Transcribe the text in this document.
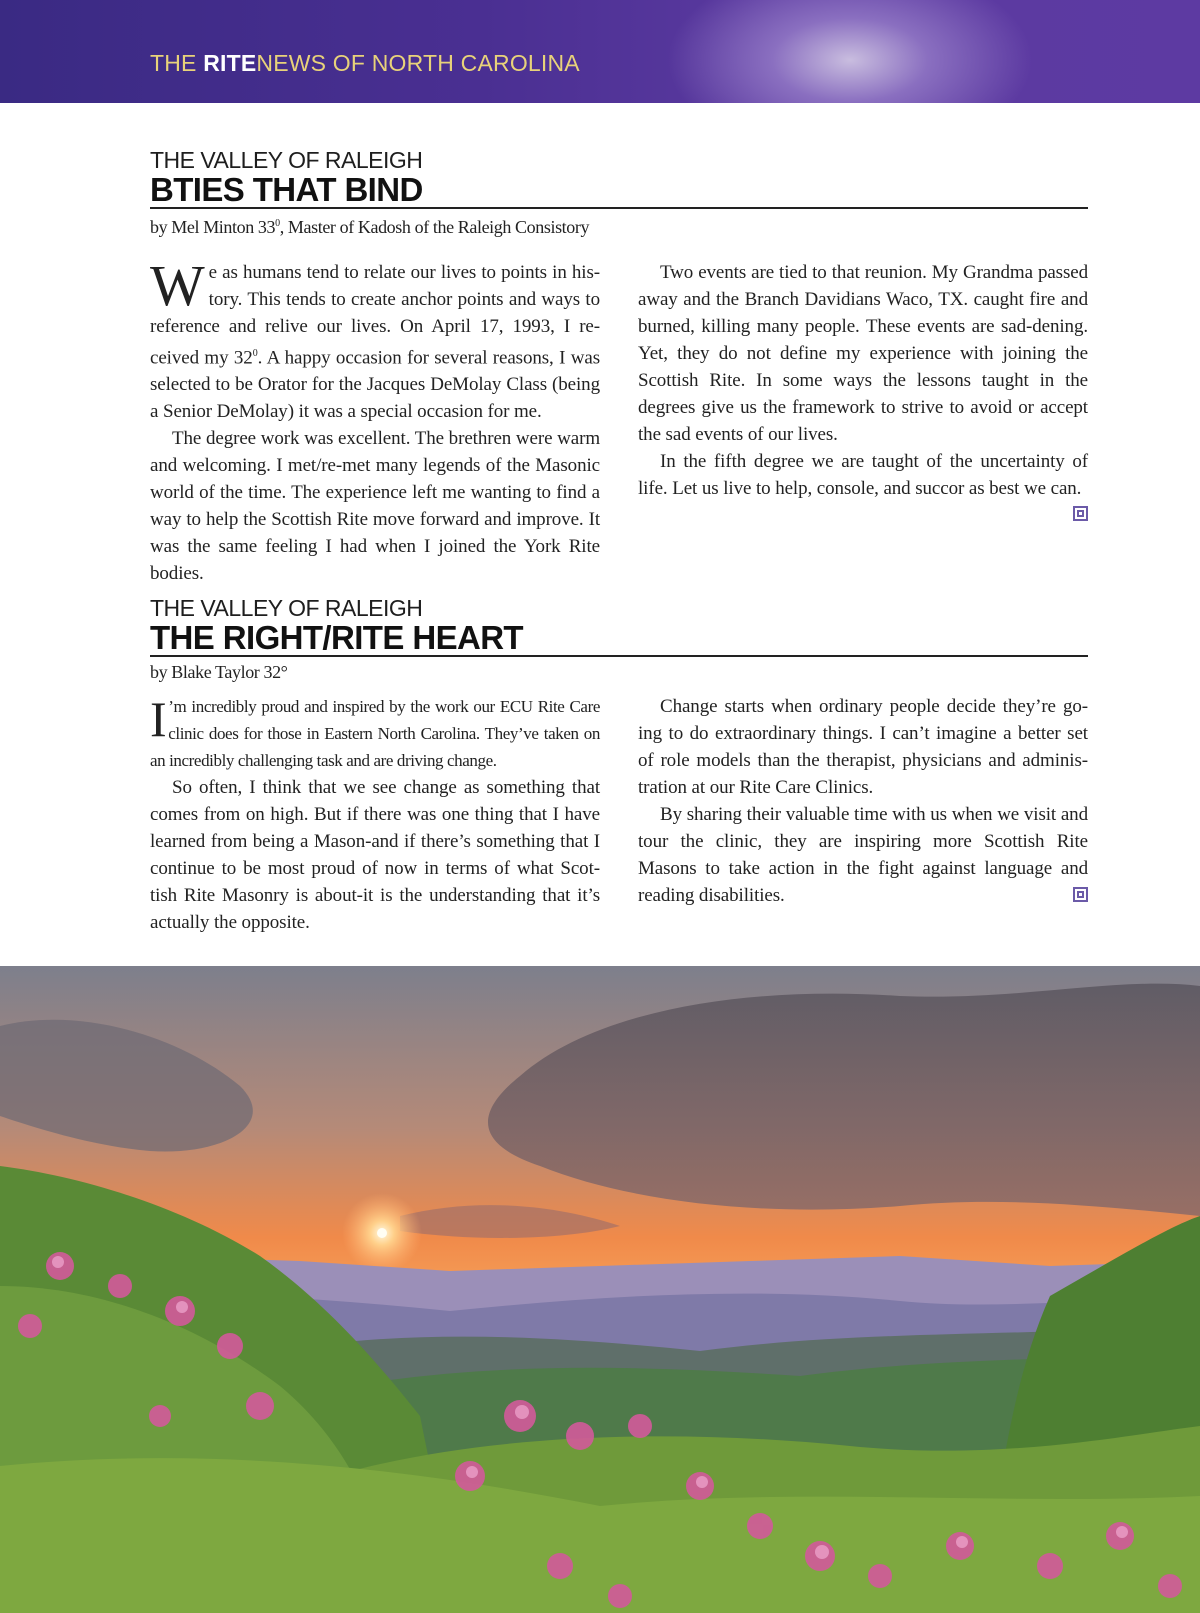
THE RITENEWS OF NORTH CAROLINA
THE VALLEY OF RALEIGH
BTIES THAT BIND
by Mel Minton $33^0$, Master of Kadosh of the Raleigh Consistory

We as humans tend to relate our lives to points in his-tory. This tends to create anchor points and ways to reference and relive our lives. On April 17, 1993, I re-ceived my $32^0$. A happy occasion for several reasons, I was selected to be Orator for the Jacques DeMolay Class (being a Senior DeMolay) it was a special occasion for me.

The degree work was excellent. The brethren were warm and welcoming. I met/re-met many legends of the Masonic world of the time. The experience left me wanting to find a way to help the Scottish Rite move forward and improve. It was the same feeling I had when I joined the York Rite bodies.

Two events are tied to that reunion. My Grandma passed away and the Branch Davidians Waco, TX. caught fire and burned, killing many people. These events are sad-dening. Yet, they do not define my experience with joining the Scottish Rite. In some ways the lessons taught in the degrees give us the framework to strive to avoid or accept the sad events of our lives.

In the fifth degree we are taught of the uncertainty of life. Let us live to help, console, and succor as best we can.

THE VALLEY OF RALEIGH
THE RIGHT/RITE HEART
by Blake Taylor 32°

I ’m incredibly proud and inspired by the work our ECU Rite Care clinic does for those in Eastern North Carolina. They’ve taken on an incredibly challenging task and are driving change.

So often, I think that we see change as something that comes from on high. But if there was one thing that I have learned from being a Mason-and if there’s something that I continue to be most proud of now in terms of what Scot-tish Rite Masonry is about-it is the understanding that it’s actually the opposite.

Change starts when ordinary people decide they’re go-ing to do extraordinary things. I can’t imagine a better set of role models than the therapist, physicians and adminis-tration at our Rite Care Clinics.

By sharing their valuable time with us when we visit and tour the clinic, they are inspiring more Scottish Rite Masons to take action in the fight against language and reading disabilities.
